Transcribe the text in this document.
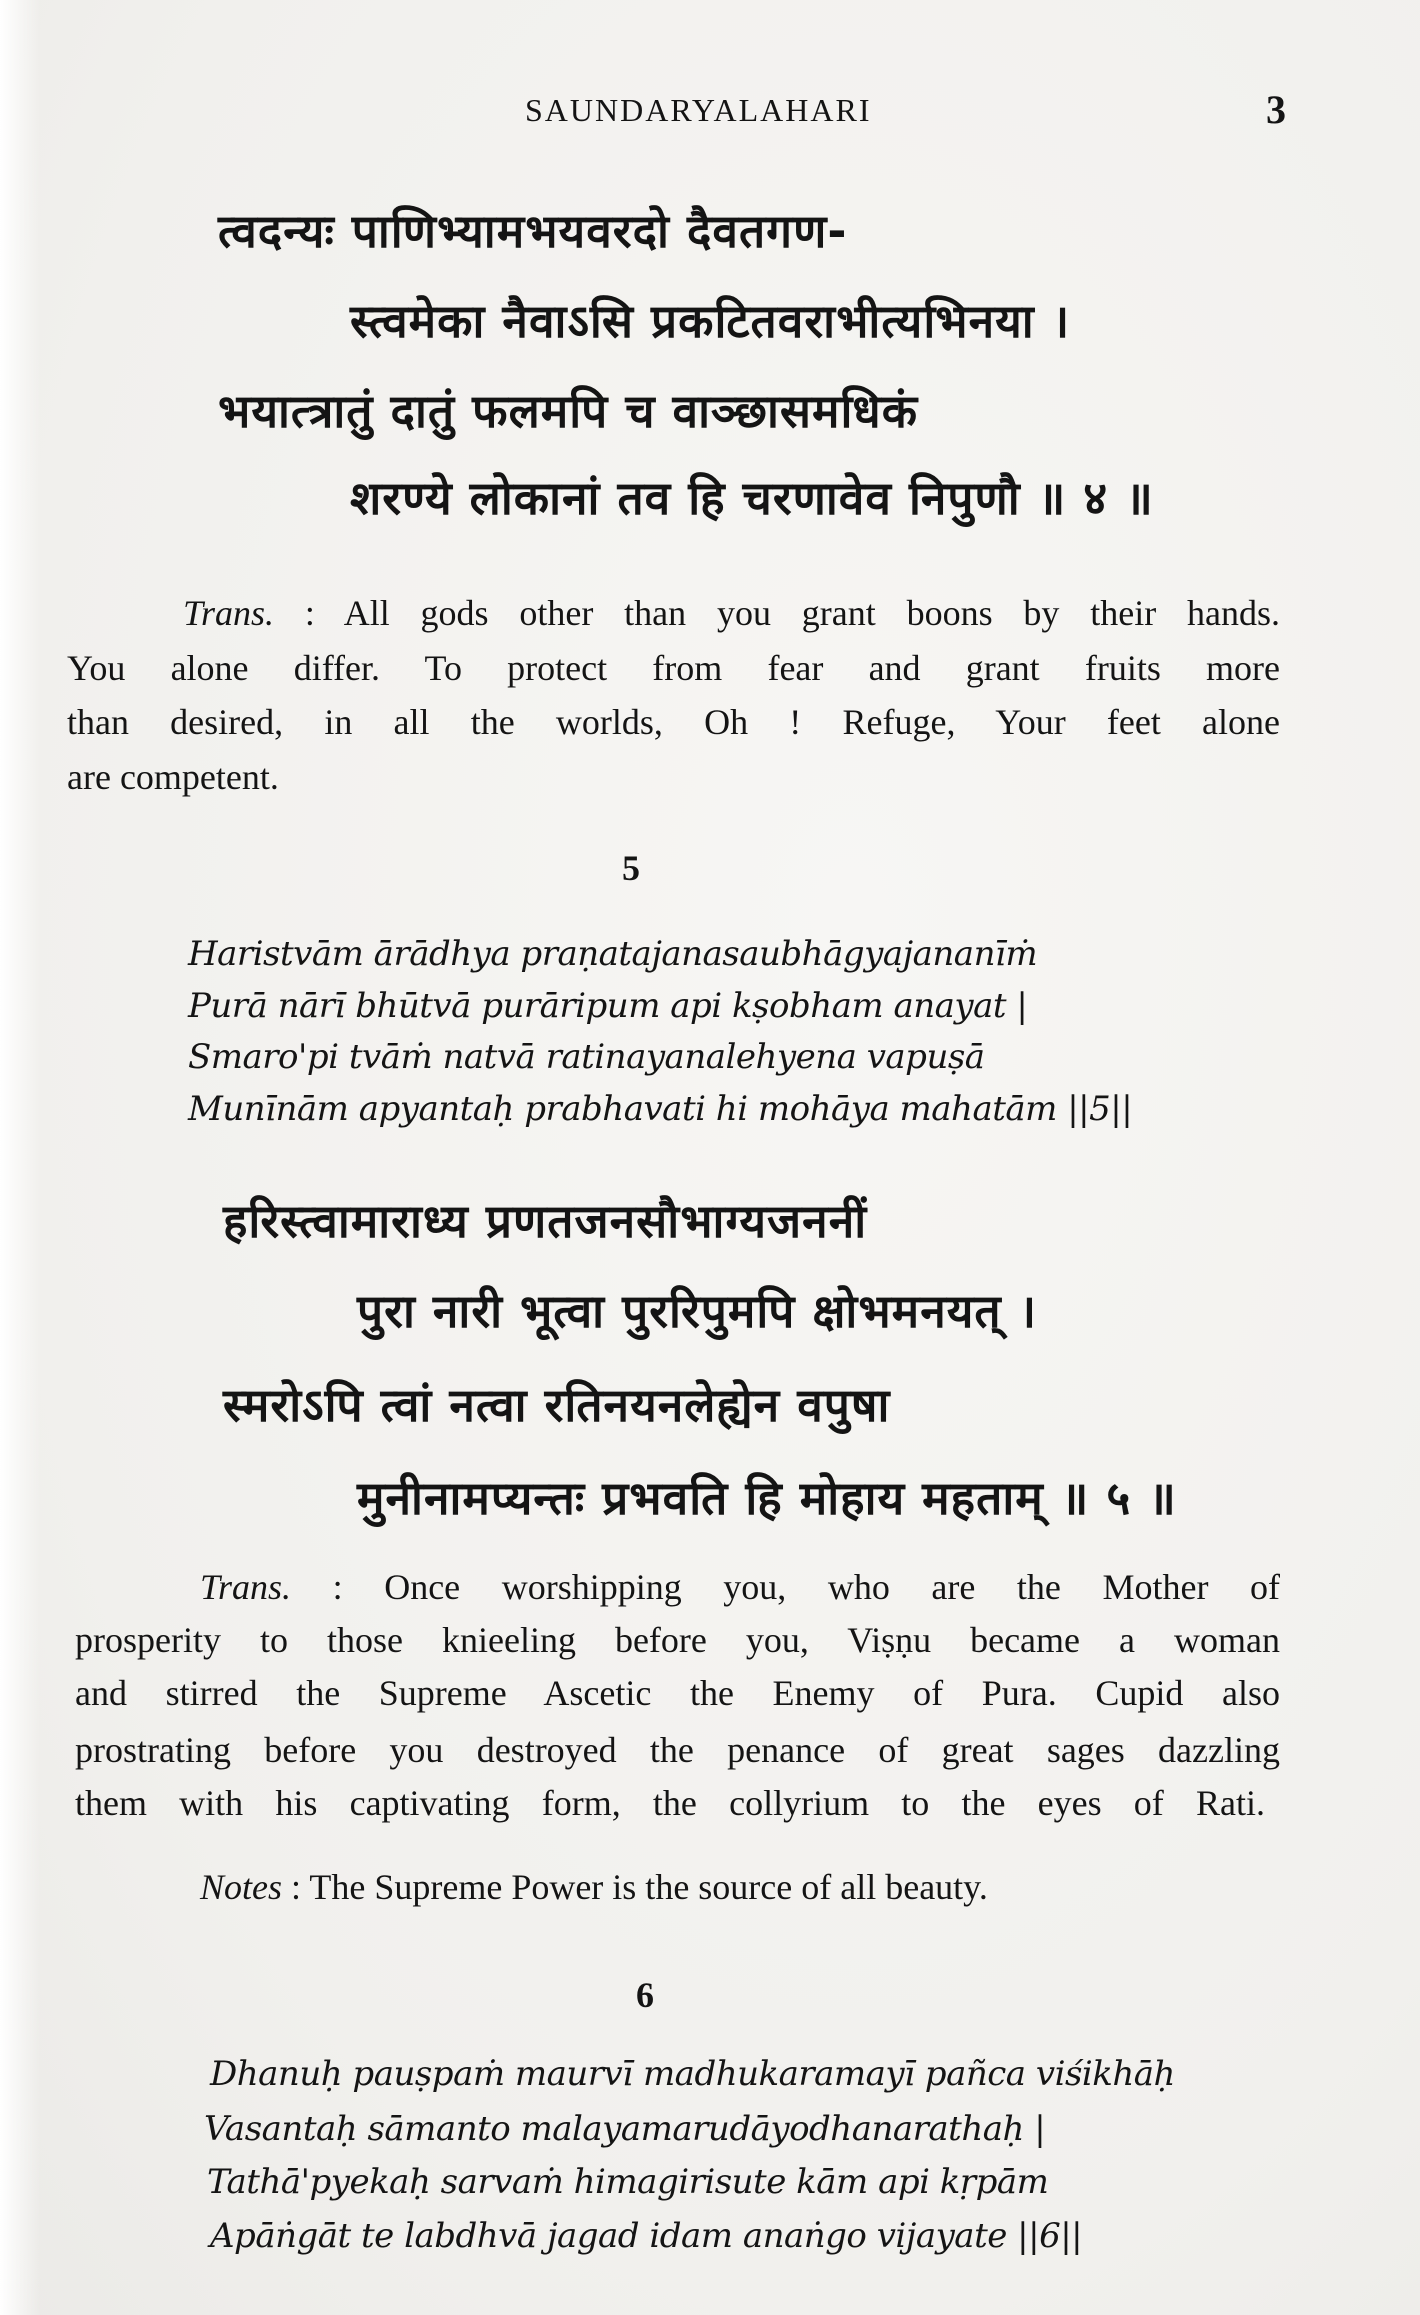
SAUNDARYALAHARI	3
त्वदन्यः पाणिभ्यामभयवरदो दैवतगण-
स्त्वमेका नैवाऽसि प्रकटितवराभीत्यभिनया ।
भयात्त्रातुं दातुं फलमपि च वाञ्छासमधिकं
शरण्ये लोकानां तव हि चरणावेव निपुणौ ॥ ४ ॥
Trans. : All gods other than you grant boons by their hands.
You alone differ. To protect from fear and grant fruits more
than desired, in all the worlds, Oh ! Refuge, Your feet alone
are competent.
5
Haristvām ārādhya praṇatajanasaubhāgyajananīṁ
Purā nārī bhūtvā purāripum api kṣobham anayat |
Smaro'pi tvāṁ natvā ratinayanalehyena vapuṣā
Munīnām apyantaḥ prabhavati hi mohāya mahatām ||5||
हरिस्त्वामाराध्य प्रणतजनसौभाग्यजननीं
पुरा नारी भूत्वा पुररिपुमपि क्षोभमनयत् ।
स्मरोऽपि त्वां नत्वा रतिनयनलेह्येन वपुषा
मुनीनामप्यन्तः प्रभवति हि मोहाय महताम् ॥ ५ ॥
Trans. : Once worshipping you, who are the Mother of
prosperity to those knieeling before you, Viṣṇu became a woman
and stirred the Supreme Ascetic the Enemy of Pura. Cupid also
prostrating before you destroyed the penance of great sages dazzling
them with his captivating form, the collyrium to the eyes of Rati.
Notes : The Supreme Power is the source of all beauty.
6
Dhanuḥ pauṣpaṁ maurvī madhukaramayī pañca viśikhāḥ
Vasantaḥ sāmanto malayamarudāyodhanarathaḥ |
Tathā'pyekaḥ sarvaṁ himagirisute kām api kṛpām
Apāṅgāt te labdhvā jagad idam anaṅgo vijayate ||6||
